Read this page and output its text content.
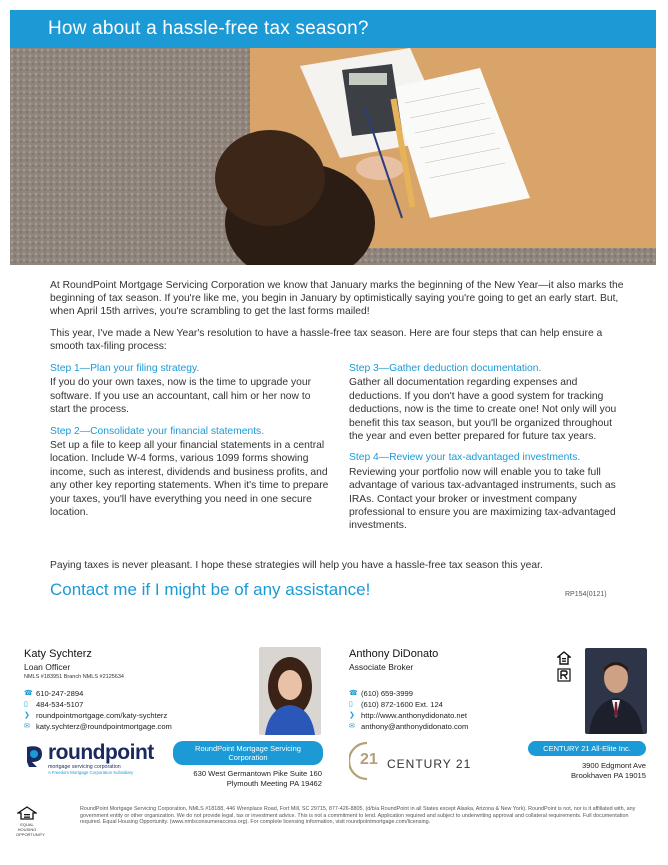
How about a hassle-free tax season?

At RoundPoint Mortgage Servicing Corporation we know that January marks the beginning of the New Year—it also marks the beginning of tax season. If you're like me, you begin in January by optimistically saying you're going to get an early start. But, when April 15th arrives, you're scrambling to get the last forms mailed!

This year, I've made a New Year's resolution to have a hassle-free tax season. Here are four steps that can help ensure a smooth tax-filing process:

Step 1—Plan your filing strategy.
If you do your own taxes, now is the time to upgrade your software. If you use an accountant, call him or her now to start the process.
Step 2—Consolidate your financial statements.
Set up a file to keep all your financial statements in a central location. Include W-4 forms, various 1099 forms showing income, such as interest, dividends and business profits, and any other key reporting statements. When it's time to prepare your taxes, you'll have everything you need in one secure location.
Step 3—Gather deduction documentation.
Gather all documentation regarding expenses and deductions. If you don't have a good system for tracking deductions, now is the time to create one! Not only will you benefit this tax season, but you'll be organized throughout the year and even better prepared for future tax years.
Step 4—Review your tax-advantaged investments.
Reviewing your portfolio now will enable you to take full advantage of various tax-advantaged instruments, such as IRAs. Contact your broker or investment company professional to ensure you are maximizing tax-advantaged investments.
Paying taxes is never pleasant. I hope these strategies will help you have a hassle-free tax season this year.
Contact me if I might be of any assistance!	RP154(0121)
Katy Sychterz
Loan Officer
NMLS #183951 Branch NMLS #2125634
☎ 610-247-2894
▯	484-534-5107
❯ roundpointmortgage.com/katy-sychterz
✉ katy.sychterz@roundpointmortgage.com
roundpoint
mortgage servicing corporation
A Freedom Mortgage Corporation Subsidiary
RoundPoint Mortgage Servicing Corporation
630 West Germantown Pike Suite 160
Plymouth Meeting PA 19462
Anthony DiDonato
Associate Broker
☎ (610) 659-3999
▯	(610) 872-1600 Ext. 124
❯ http://www.anthonydidonato.net
✉ anthony@anthonydidonato.com
21 CENTURY 21
CENTURY 21 All-Elite Inc.
3900 Edgmont Ave
Brookhaven PA 19015
EQUAL HOUSING OPPORTUNITY
RoundPoint Mortgage Servicing Corporation, NMLS #18188, 446 Wrenplace Road, Fort Mill, SC 29715, 877-426-8805, (d/b/a RoundPoint in all States except Alaska, Arizona & New York). RoundPoint is not, nor is it affiliated with, any government entity or other organization. We do not provide legal, tax or investment advice. This is not a commitment to lend. Application required and subject to underwriting approval and collateral requirements. Full documentation required. Equal Housing Opportunity. (www.nmlsconsumeraccess.org). For complete licensing information, visit roundpointmortgage.com/licensing.
